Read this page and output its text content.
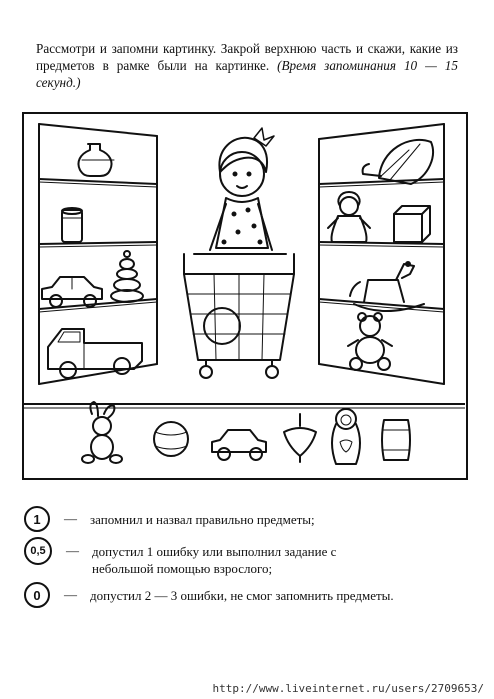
Рассмотри и запомни картинку. Закрой верхнюю часть и скажи, какие из предметов в рамке были на картинке. (Время запоминания 10 — 15 секунд.)
1	—	запомнил и назвал правильно предметы;
0,5	—	допустил 1 ошибку или выполнил задание с небольшой помощью взрослого;
0	—	допустил 2 — 3 ошибки, не смог запомнить предметы.
http://www.liveinternet.ru/users/2709653/
